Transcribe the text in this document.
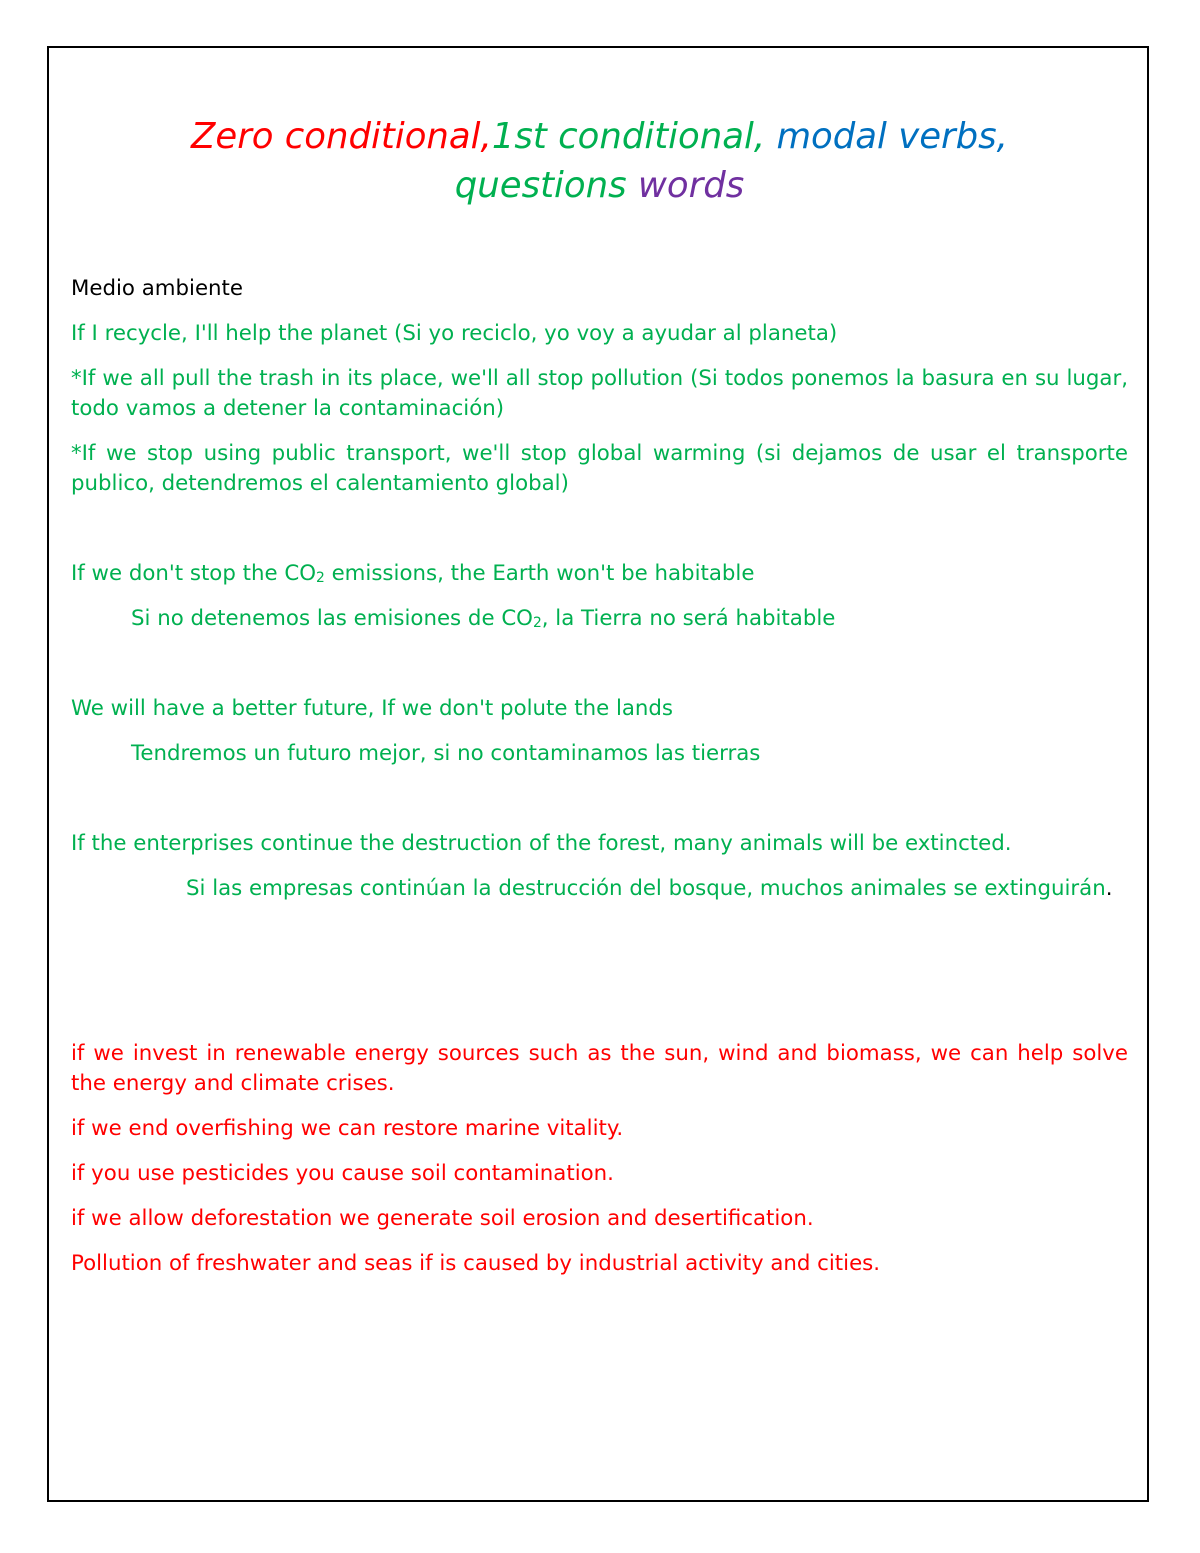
Zero conditional,1st conditional, modal verbs,
questions words
Medio ambiente
If I recycle, I'll help the planet (Si yo reciclo, yo voy a ayudar al planeta)
*If we all pull the trash in its place, we'll all stop pollution (Si todos ponemos la basura en su lugar, todo vamos a detener la contaminación)
*If we stop using public transport, we'll stop global warming (si dejamos de usar el transporte publico, detendremos el calentamiento global)
If we don't stop the CO2 emissions, the Earth won't be habitable
Si no detenemos las emisiones de CO2, la Tierra no será habitable
We will have a better future, If we don't polute the lands
Tendremos un futuro mejor, si no contaminamos las tierras
If the enterprises continue the destruction of the forest, many animals will be extincted.
Si las empresas continúan la destrucción del bosque, muchos animales se extinguirán.
if we invest in renewable energy sources such as the sun, wind and biomass, we can help solve the energy and climate crises.
if we end overfishing we can restore marine vitality.
if you use pesticides you cause soil contamination.
if we allow deforestation we generate soil erosion and desertification.
Pollution of freshwater and seas if is caused by industrial activity and cities.
